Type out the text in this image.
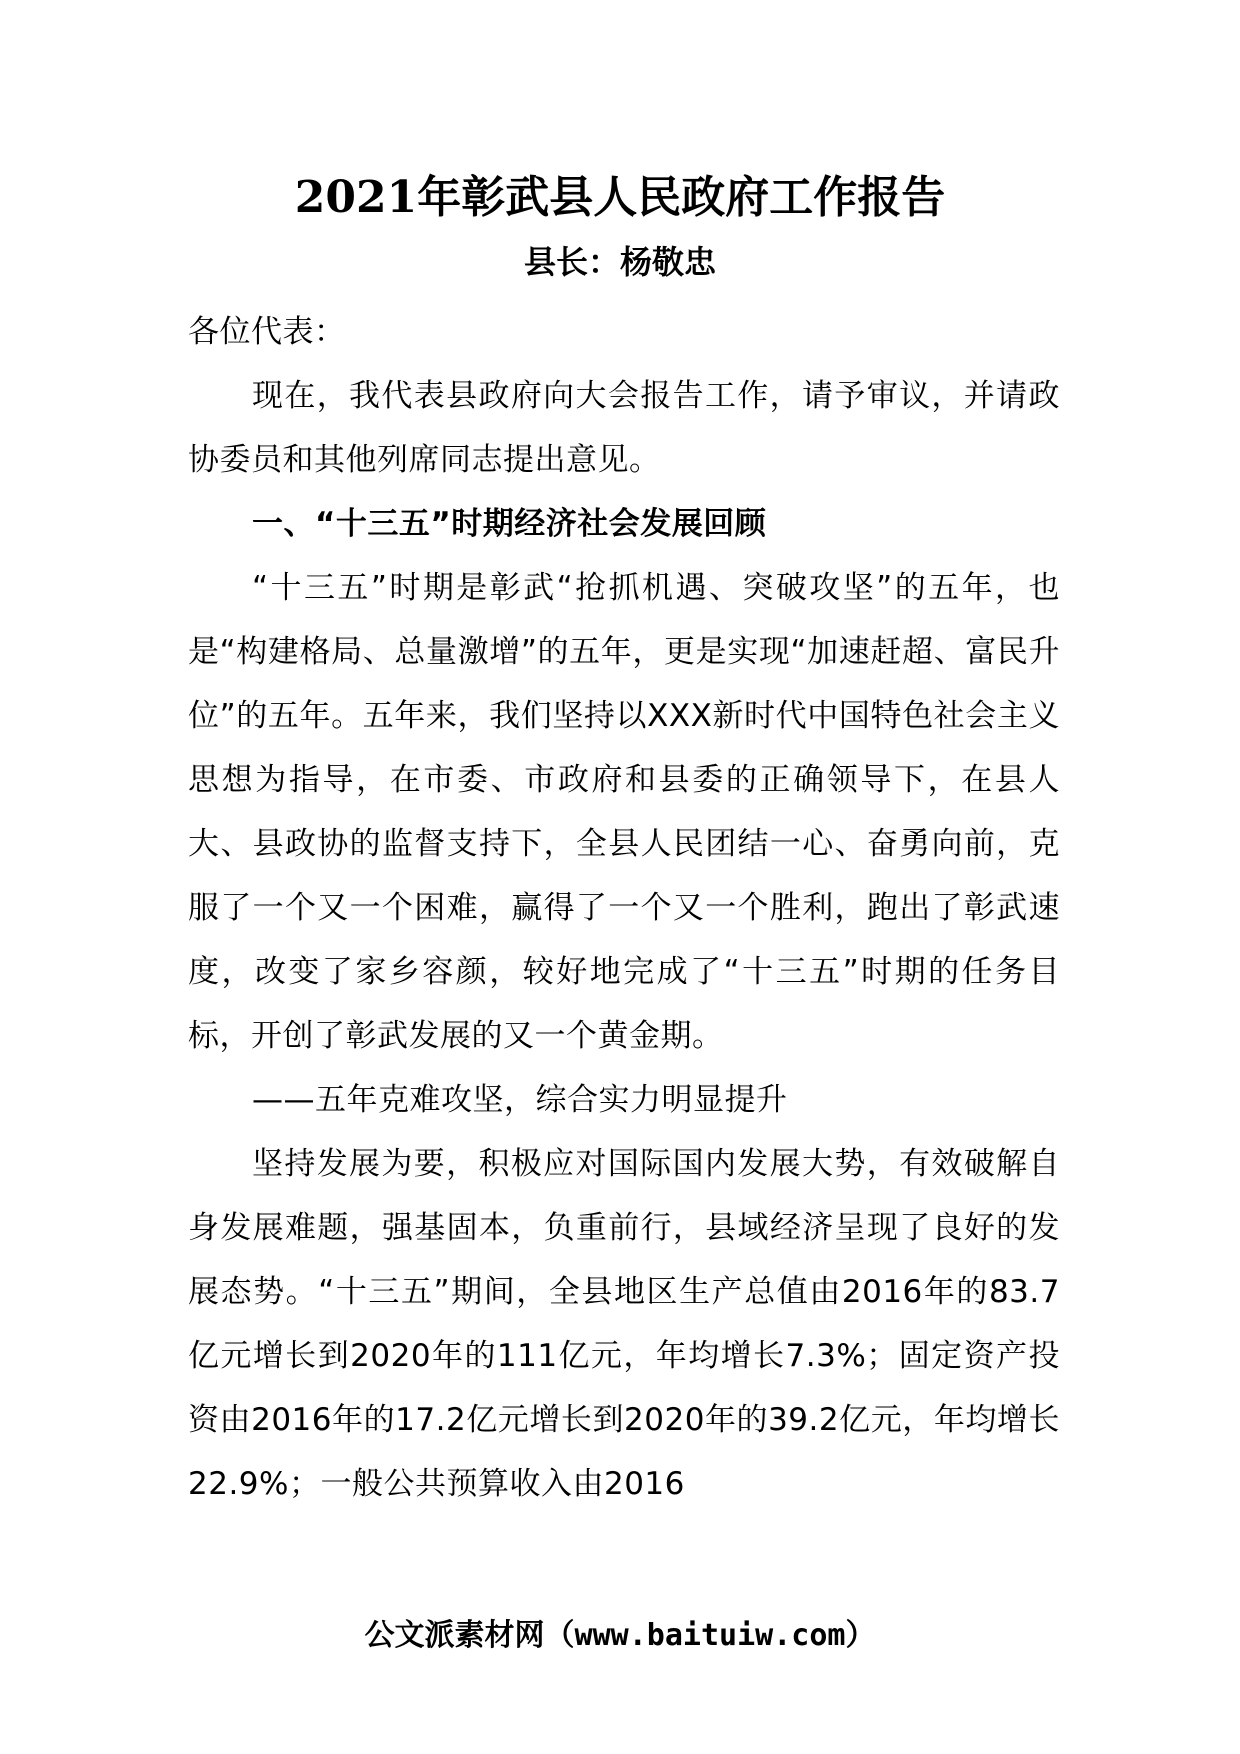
2021年彰武县人民政府工作报告
县长：杨敬忠

各位代表：

现在，我代表县政府向大会报告工作，请予审议，并请政协委员和其他列席同志提出意见。

一、“十三五”时期经济社会发展回顾

“十三五”时期是彰武“抢抓机遇、突破攻坚”的五年，也是“构建格局、总量激增”的五年，更是实现“加速赶超、富民升位”的五年。五年来，我们坚持以XXX新时代中国特色社会主义思想为指导，在市委、市政府和县委的正确领导下，在县人大、县政协的监督支持下，全县人民团结一心、奋勇向前，克服了一个又一个困难，赢得了一个又一个胜利，跑出了彰武速度，改变了家乡容颜，较好地完成了“十三五”时期的任务目标，开创了彰武发展的又一个黄金期。

——五年克难攻坚，综合实力明显提升

坚持发展为要，积极应对国际国内发展大势，有效破解自身发展难题，强基固本，负重前行，县域经济呈现了良好的发展态势。“十三五”期间，全县地区生产总值由2016年的83.7亿元增长到2020年的111亿元，年均增长7.3%；固定资产投资由2016年的17.2亿元增长到2020年的39.2亿元，年均增长22.9%；一般公共预算收入由2016

公文派素材网（www.baituiw.com）
